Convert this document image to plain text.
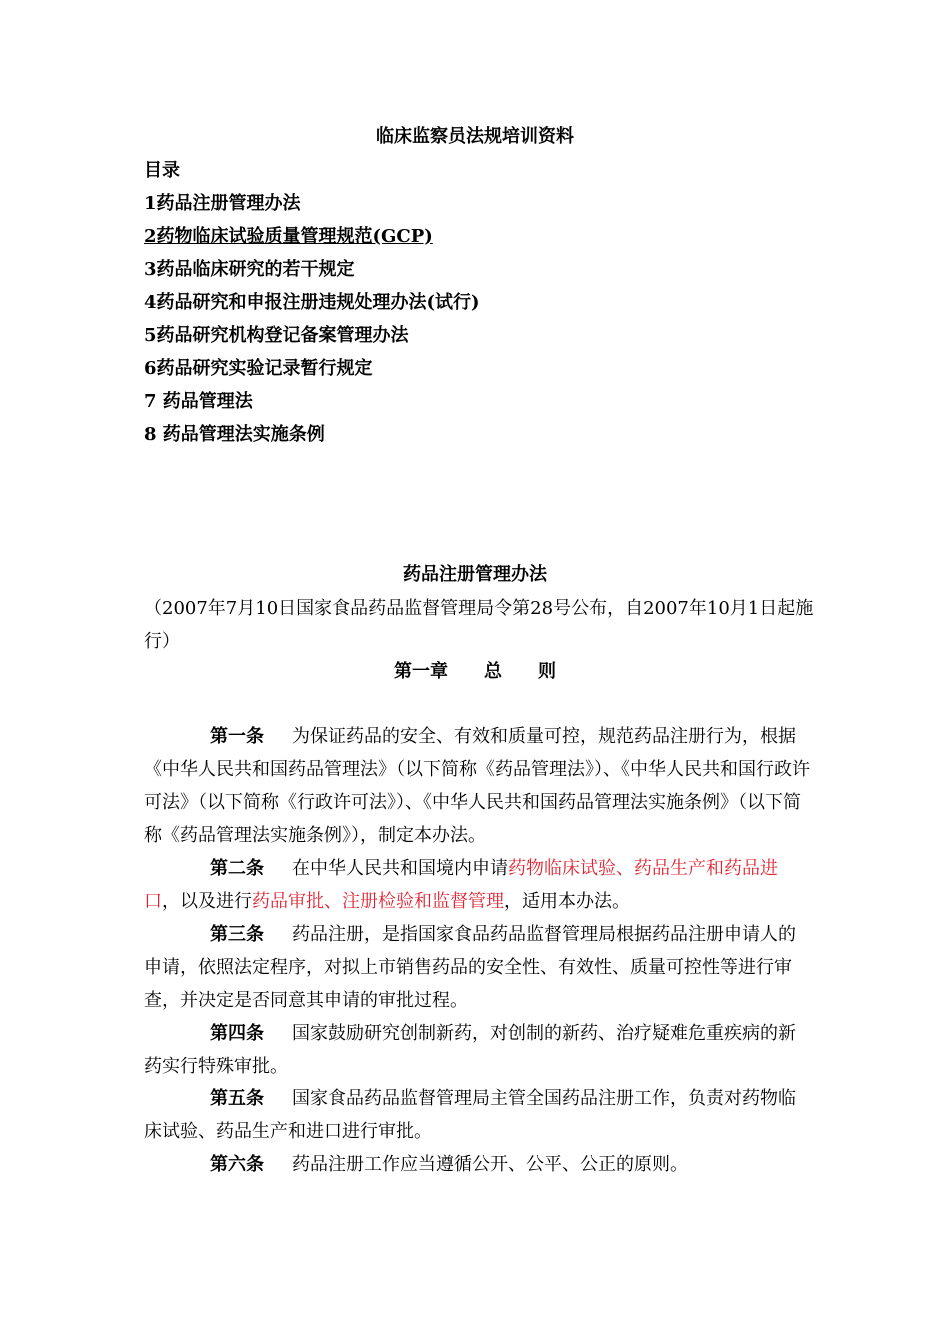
临床监察员法规培训资料
目录
1药品注册管理办法
2药物临床试验质量管理规范(GCP)
3药品临床研究的若干规定
4药品研究和申报注册违规处理办法(试行)
5药品研究机构登记备案管理办法
6药品研究实验记录暂行规定
7 药品管理法
8 药品管理法实施条例
药品注册管理办法
（2007年7月10日国家食品药品监督管理局令第28号公布，自2007年10月1日起施行）
第一章 总 则
第一条 为保证药品的安全、有效和质量可控，规范药品注册行为，根据《中华人民共和国药品管理法》（以下简称《药品管理法》）、《中华人民共和国行政许可法》（以下简称《行政许可法》）、《中华人民共和国药品管理法实施条例》（以下简称《药品管理法实施条例》），制定本办法。
第二条 在中华人民共和国境内申请药物临床试验、药品生产和药品进口，以及进行药品审批、注册检验和监督管理，适用本办法。
第三条 药品注册，是指国家食品药品监督管理局根据药品注册申请人的申请，依照法定程序，对拟上市销售药品的安全性、有效性、质量可控性等进行审查，并决定是否同意其申请的审批过程。
第四条 国家鼓励研究创制新药，对创制的新药、治疗疑难危重疾病的新药实行特殊审批。
第五条 国家食品药品监督管理局主管全国药品注册工作，负责对药物临床试验、药品生产和进口进行审批。
第六条 药品注册工作应当遵循公开、公平、公正的原则。
